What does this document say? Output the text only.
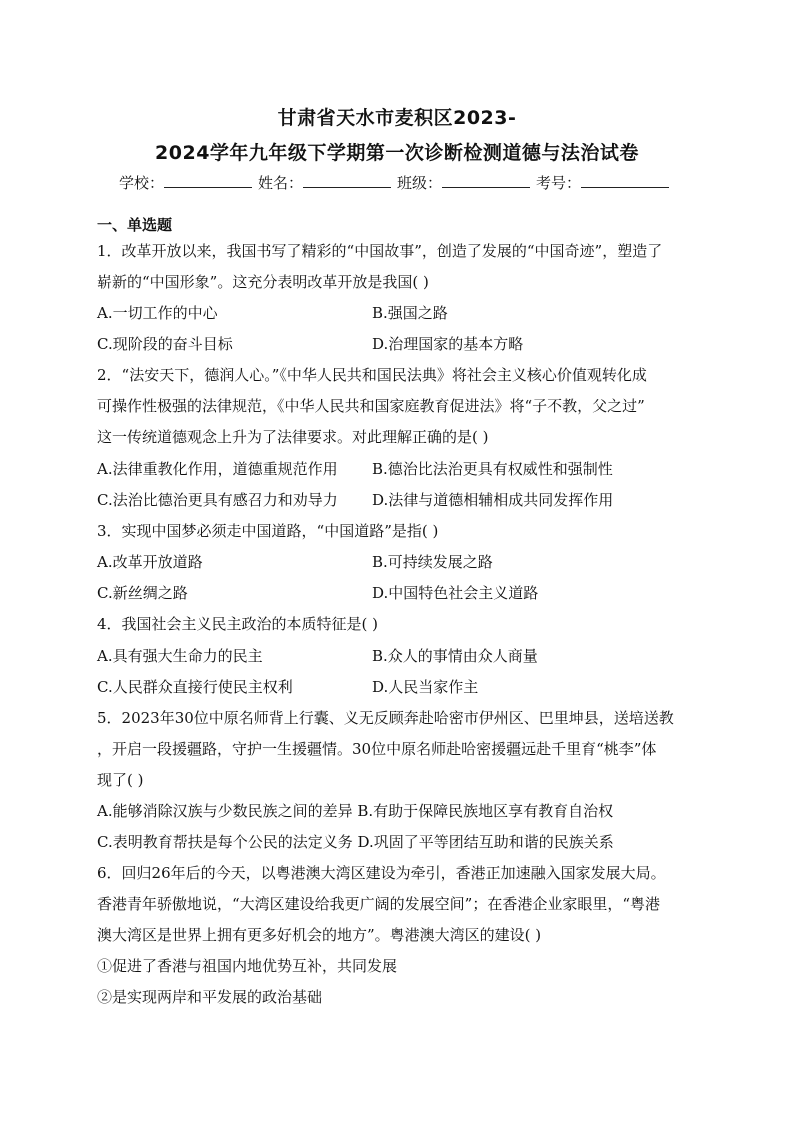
甘肃省天水市麦积区2023-
2024学年九年级下学期第一次诊断检测道德与法治试卷
学校：	姓名：	班级：	考号：
一、单选题
1．改革开放以来，我国书写了精彩的“中国故事”，创造了发展的“中国奇迹”，塑造了
崭新的“中国形象”。这充分表明改革开放是我国( )
A.一切工作的中心	B.强国之路
C.现阶段的奋斗目标	D.治理国家的基本方略
2．“法安天下，德润人心。”《中华人民共和国民法典》将社会主义核心价值观转化成
可操作性极强的法律规范，《中华人民共和国家庭教育促进法》将“子不教，父之过”
这一传统道德观念上升为了法律要求。对此理解正确的是( )
A.法律重教化作用，道德重规范作用 B.德治比法治更具有权威性和强制性
C.法治比德治更具有感召力和劝导力 D.法律与道德相辅相成共同发挥作用
3．实现中国梦必须走中国道路，“中国道路”是指( )
A.改革开放道路	B.可持续发展之路
C.新丝绸之路	D.中国特色社会主义道路
4．我国社会主义民主政治的本质特征是( )
A.具有强大生命力的民主	B.众人的事情由众人商量
C.人民群众直接行使民主权利	D.人民当家作主
5．2023年30位中原名师背上行囊、义无反顾奔赴哈密市伊州区、巴里坤县，送培送教
，开启一段援疆路，守护一生援疆情。30位中原名师赴哈密援疆远赴千里育“桃李”体
现了( )
A.能够消除汉族与少数民族之间的差异 B.有助于保障民族地区享有教育自治权
C.表明教育帮扶是每个公民的法定义务 D.巩固了平等团结互助和谐的民族关系
6．回归26年后的今天，以粤港澳大湾区建设为牵引，香港正加速融入国家发展大局。
香港青年骄傲地说，“大湾区建设给我更广阔的发展空间”；在香港企业家眼里，“粤港
澳大湾区是世界上拥有更多好机会的地方”。粤港澳大湾区的建设( )
①促进了香港与祖国内地优势互补，共同发展
②是实现两岸和平发展的政治基础
